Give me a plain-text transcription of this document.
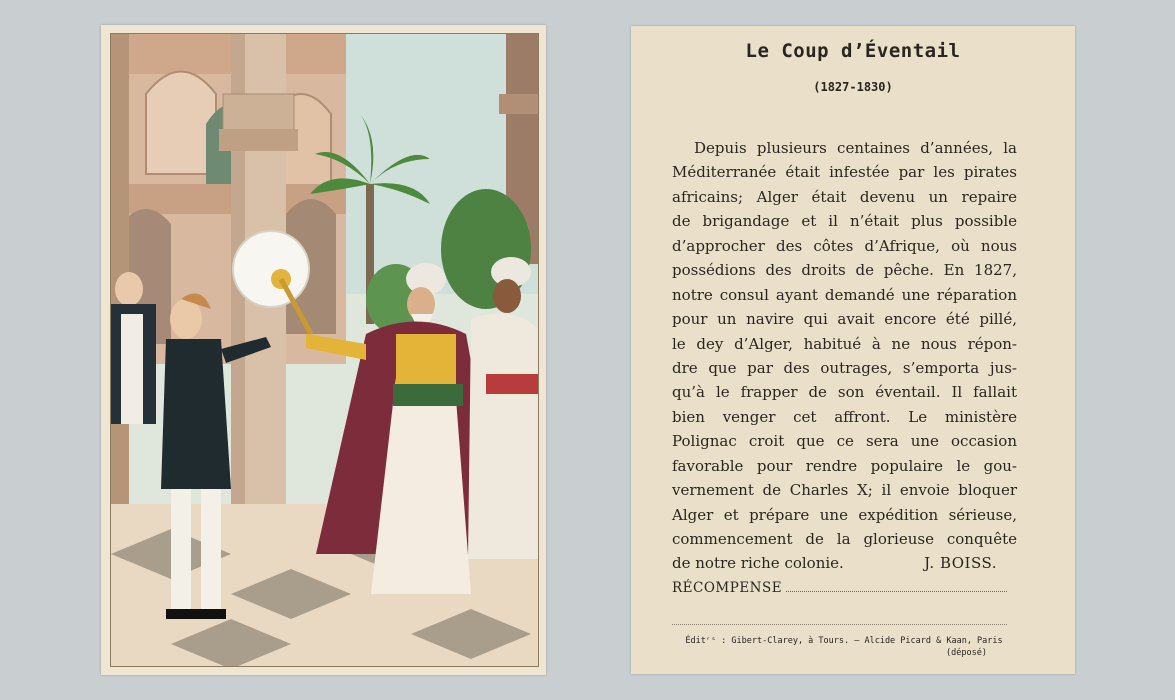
Le Coup d’Éventail
(1827-1830)
Depuis plusieurs centaines d’années, la
Méditerranée était infestée par les pirates
africains; Alger était devenu un repaire
de brigandage et il n’était plus possible
d’approcher des côtes d’Afrique, où nous
possédions des droits de pêche. En 1827,
notre consul ayant demandé une réparation
pour un navire qui avait encore été pillé,
le dey d’Alger, habitué à ne nous répon-
dre que par des outrages, s’emporta jus-
qu’à le frapper de son éventail. Il fallait
bien venger cet affront. Le ministère
Polignac croit que ce sera une occasion
favorable pour rendre populaire le gou-
vernement de Charles X; il envoie bloquer
Alger et prépare une expédition sérieuse,
commencement de la glorieuse conquête
de notre riche colonie.	J. BOISS.
RÉCOMPENSE
Éditʳˢ : Gibert-Clarey, à Tours. — Alcide Picard & Kaan, Paris
(déposé)
